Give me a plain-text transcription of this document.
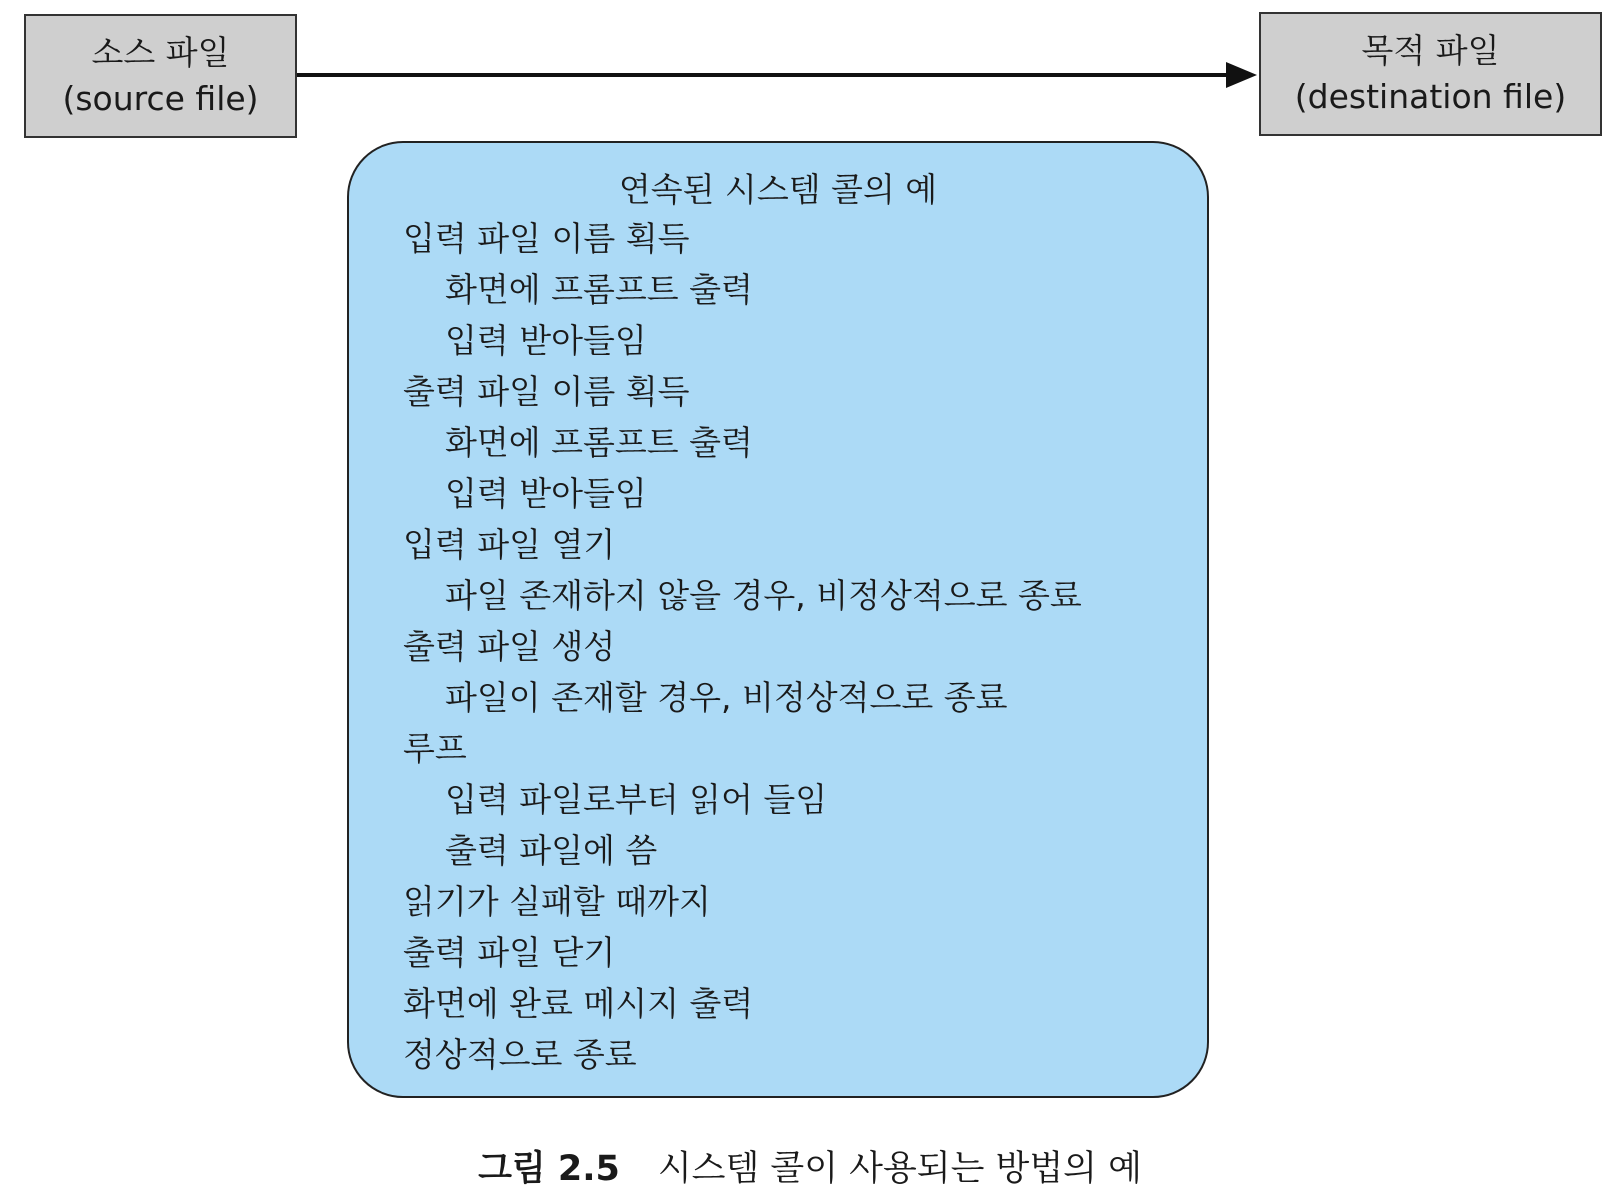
소스 파일
(source file)
목적 파일
(destination file)
연속된 시스템 콜의 예
입력 파일 이름 획득
화면에 프롬프트 출력
입력 받아들임
출력 파일 이름 획득
화면에 프롬프트 출력
입력 받아들임
입력 파일 열기
파일 존재하지 않을 경우, 비정상적으로 종료
출력 파일 생성
파일이 존재할 경우, 비정상적으로 종료
루프
입력 파일로부터 읽어 들임
출력 파일에 씀
읽기가 실패할 때까지
출력 파일 닫기
화면에 완료 메시지 출력
정상적으로 종료
그림 2.5 시스템 콜이 사용되는 방법의 예
